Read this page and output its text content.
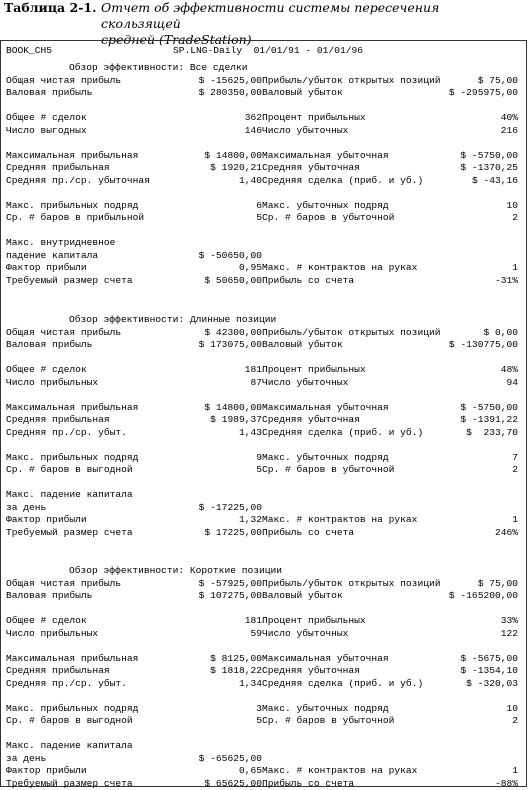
Таблица 2-1. Отчет об эффективности системы пересечения скользящей
средней (TradeStation)
BOOK_CH5	SP.LNG-Daily  01/01/91 - 01/01/96
Обзор эффективности: Все сделки
Общая чистая прибыль	$ -15625,00 Прибыль/убыток открытых позиций	$ 75,00
Валовая прибыль	$ 280350,00 Валовый убыток	$ -295975,00
Общее # сделок	362 Процент прибыльных	40%
Число выгодных	146 Число убыточных	216
Максимальная прибыльная	$ 14800,00 Максимальная убыточная	$ -5750,00
Средняя прибыльная	$ 1920,21 Средняя убыточная	$ -1370,25
Средняя пр./ср. убыточная	1,40 Средняя сделка (приб. и уб.)	$ -43,16
Макс. прибыльных подряд	6 Макс. убыточных подряд	10
Ср. # баров в прибыльной	5 Ср. # баров в убыточной	2
Макс. внутридневное
падение капитала	$ -50650,00
Фактор прибыли	0,95 Макс. # контрактов на руках	1
Требуемый размер счета	$ 50650,00 Прибыль со счета	-31%
Обзор эффективности: Длинные позиции
Общая чистая прибыль	$ 42300,00 Прибыль/убыток открытых позиций	$ 0,00
Валовая прибыль	$ 173075,00 Валовый убыток	$ -130775,00
Общее # сделок	181 Процент прибыльных	48%
Число прибыльных	87 Число убыточных	94
Максимальная прибыльная	$ 14800,00 Максимальная убыточная	$ -5750,00
Средняя прибыльная	$ 1989,37 Средняя убыточная	$ -1391,22
Средняя пр./ср. убыт.	1,43 Средняя сделка (приб. и уб.)	$  233,70
Макс. прибыльных подряд	9 Макс. убыточных подряд	7
Ср. # баров в выгодной	5 Ср. # баров в убыточной	2
Макс. падение капитала
за день	$ -17225,00
Фактор прибыли	1,32 Макс. # контрактов на руках	1
Требуемый размер счета	$ 17225,00 Прибыль со счета	246%
Обзор эффективности: Короткие позиции
Общая чистая прибыль	$ -57925,00 Прибыль/убыток открытых позиций	$ 75,00
Валовая прибыль	$ 107275,00 Валовый убыток	$ -165200,00
Общее # сделок	181 Процент прибыльных	33%
Число прибыльных	59 Число убыточных	122
Максимальная прибыльная	$ 8125,00 Максимальная убыточная	$ -5675,00
Средняя прибыльная	$ 1818,22 Средняя убыточная	$ -1354,10
Средняя пр./ср. убыт.	1,34 Средняя сделка (приб. и уб.)	$ -320,03
Макс. прибыльных подряд	3 Макс. убыточных подряд	10
Ср. # баров в выгодной	5 Ср. # баров в убыточной	2
Макс. падение капитала
за день	$ -65625,00
Фактор прибыли	0,65 Макс. # контрактов на руках	1
Требуемый размер счета	$ 65625,00 Прибыль со счета	-88%
